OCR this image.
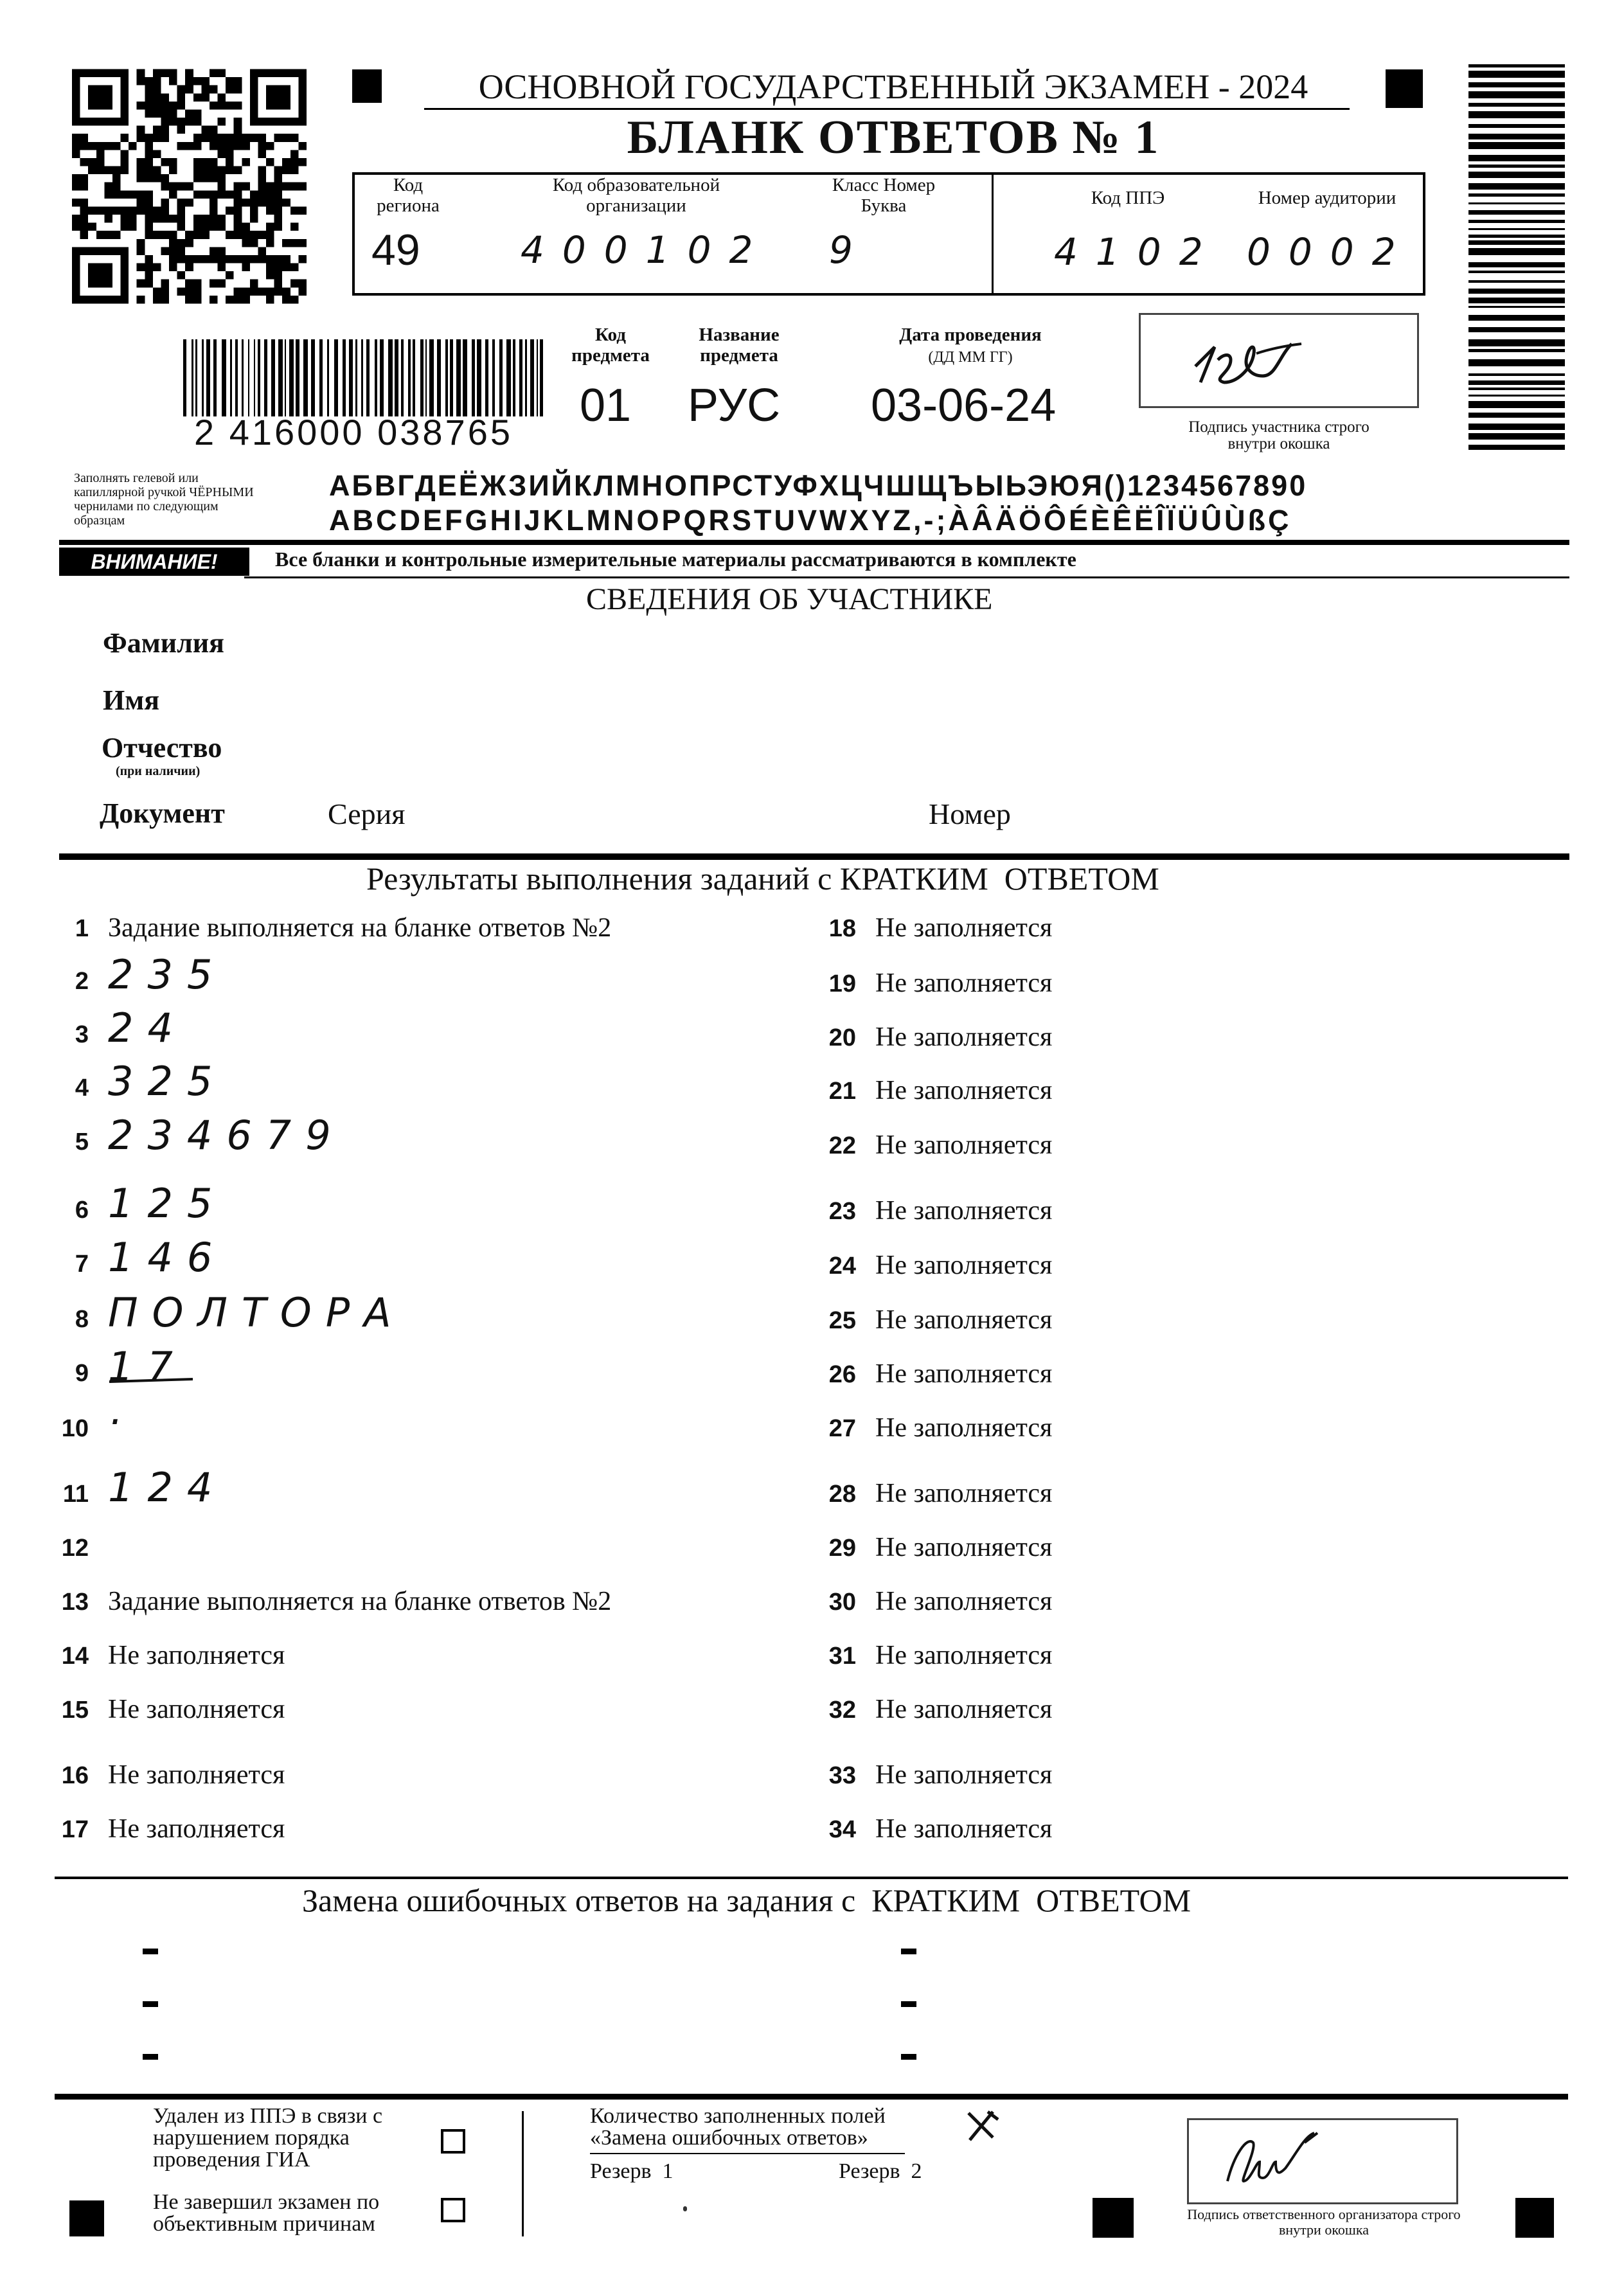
ОСНОВНОЙ ГОСУДАРСТВЕННЫЙ ЭКЗАМЕН - 2024
БЛАНК ОТВЕТОВ № 1
Код региона
49
Код образовательной организации
400102
Класс Номер Буква
9
Код ППЭ
4102
Номер аудитории
0002
2 416000 038765
Код предмета
01
Название предмета
РУС
Дата проведения
(ДД ММ ГГ)
03-06-24	Подпись участника строго внутри окошка
Заполнять гелевой или капиллярной ручкой ЧЁРНЫМИ чернилами по следующим образцам
АБВГДЕЁЖЗИЙКЛМНОПРСТУФХЦЧШЩЪЫЬЭЮЯ()1234567890
ABCDEFGHIJKLMNOPQRSTUVWXYZ,-;ÀÂÄÖÔÉÈÊËÎÏÜÛÙßÇ
ВНИМАНИЕ!	Все бланки и контрольные измерительные материалы рассматриваются в комплекте
СВЕДЕНИЯ ОБ УЧАСТНИКЕ
Фамилия
Имя
Отчество
(при наличии)
Документ	Серия	Номер
Результаты выполнения заданий с КРАТКИМ  ОТВЕТОМ
1 Задание выполняется на бланке ответов №2
2 235
3 24
4 325
5 234679
6 125
7 146
8 ПОЛТОРА
9 17
10 ·
11 124
12
13 Задание выполняется на бланке ответов №2
14 Не заполняется
15 Не заполняется
16 Не заполняется
17 Не заполняется
18 Не заполняется
19 Не заполняется
20 Не заполняется
21 Не заполняется
22 Не заполняется
23 Не заполняется
24 Не заполняется
25 Не заполняется
26 Не заполняется
27 Не заполняется
28 Не заполняется
29 Не заполняется
30 Не заполняется
31 Не заполняется
32 Не заполняется
33 Не заполняется
34 Не заполняется
Замена ошибочных ответов на задания с  КРАТКИМ  ОТВЕТОМ
Удален из ППЭ в связи с нарушением порядка проведения ГИА
Не завершил экзамен по объективным причинам
Количество заполненных полей «Замена ошибочных ответов»
Резерв  1	Резерв  2
Подпись ответственного организатора строго внутри окошка
